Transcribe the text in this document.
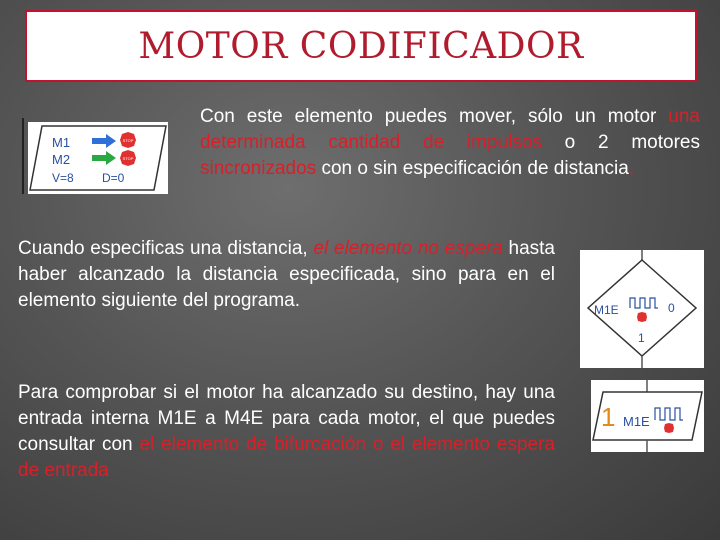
MOTOR CODIFICADOR
M1
M2
V=8 D=0
STOP
STOP
Con este elemento puedes mover, sólo un motor una determinada cantidad de impulsos o 2 motores sincronizados con o sin especificación de distancia.
Cuando especificas una distancia, el elemento no espera hasta haber alcanzado la distancia especificada, sino para en el elemento siguiente del programa.
Para comprobar si el motor ha alcanzado su destino, hay una entrada interna M1E a M4E para cada motor, el que puedes consultar con el elemento de bifurcación o el elemento espera de entrada
M1E	0
1
1 M1E
